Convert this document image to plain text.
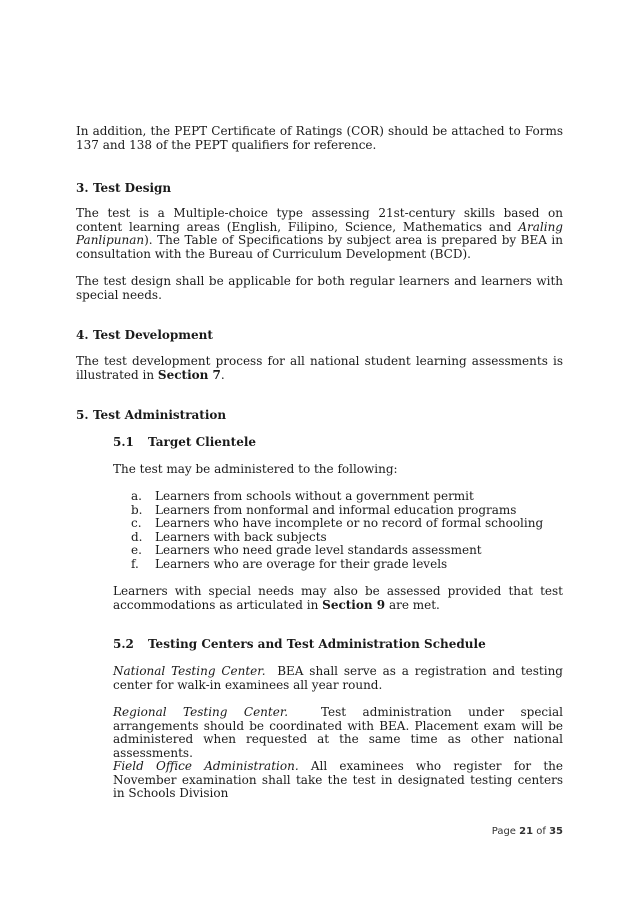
In addition, the PEPT Certificate of Ratings (COR) should be attached to Forms 137 and 138 of the PEPT qualifiers for reference.

3. Test Design

The test is a Multiple-choice type assessing 21st-century skills based on content learning areas (English, Filipino, Science, Mathematics and Araling Panlipunan). The Table of Specifications by subject area is prepared by BEA in consultation with the Bureau of Curriculum Development (BCD).

The test design shall be applicable for both regular learners and learners with special needs.

4. Test Development

The test development process for all national student learning assessments is illustrated in Section 7.

5. Test Administration
5.1 Target Clientele

The test may be administered to the following:

a. Learners from schools without a government permit
b. Learners from nonformal and informal education programs
c. Learners who have incomplete or no record of formal schooling
d. Learners with back subjects
e. Learners who need grade level standards assessment
f. Learners who are overage for their grade levels

Learners with special needs may also be assessed provided that test accommodations as articulated in Section 9 are met.

5.2 Testing Centers and Test Administration Schedule

National Testing Center.  BEA shall serve as a registration and testing center for walk-in examinees all year round.

Regional Testing Center.  Test administration under special arrangements should be coordinated with BEA. Placement exam will be administered when requested at the same time as other national assessments.

Field Office Administration. All examinees who register for the November examination shall take the test in designated testing centers in Schools Division

Page 21 of 35
